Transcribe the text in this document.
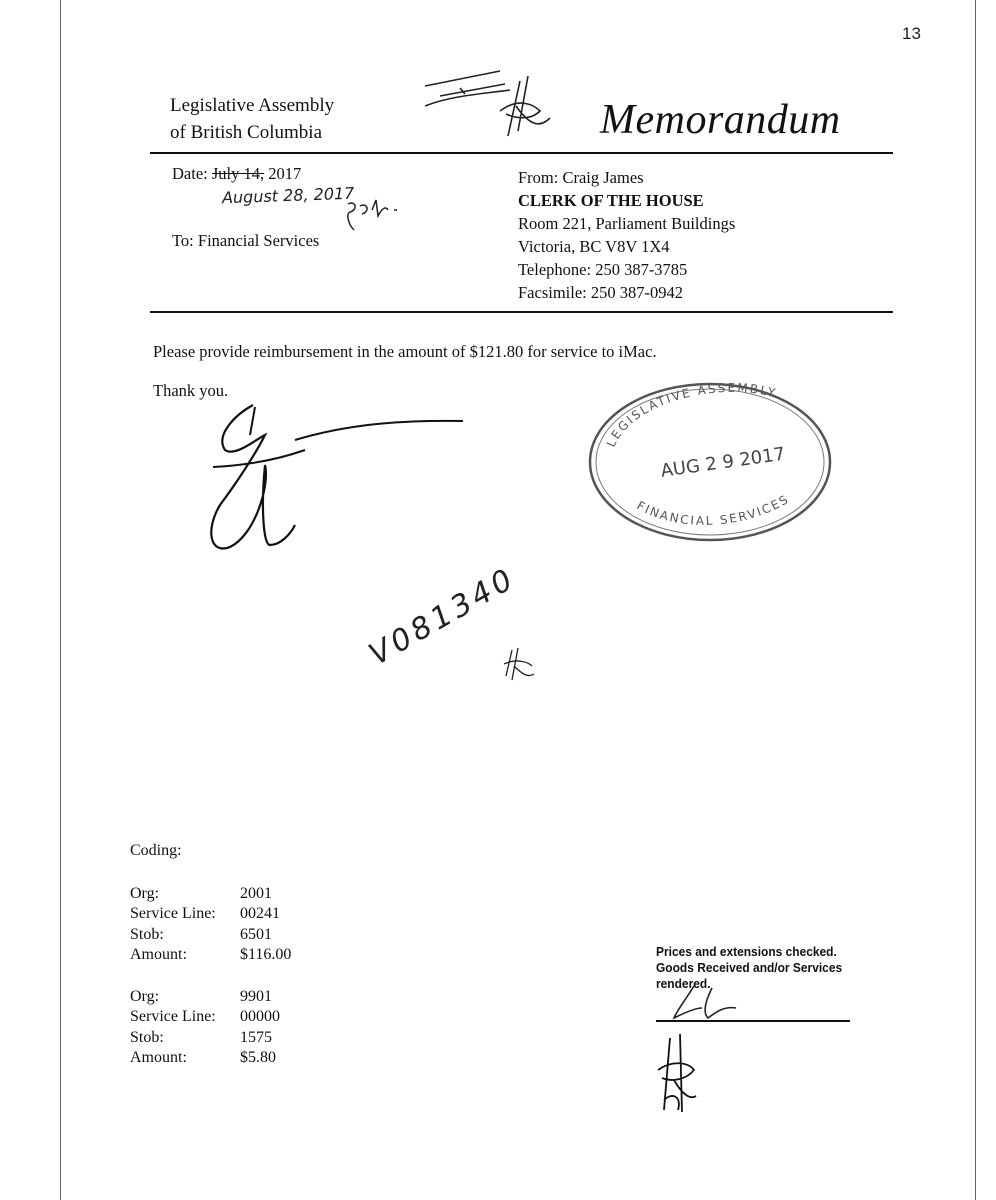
13
Legislative Assembly
of British Columbia	Memorandum
Date: July 14, 2017
August 28, 2017
To: Financial Services
From: Craig James
CLERK OF THE HOUSE
Room 221, Parliament Buildings
Victoria, BC V8V 1X4
Telephone: 250 387-3785
Facsimile: 250 387-0942
Please provide reimbursement in the amount of $121.80 for service to iMac.
Thank you.
LEGISLATIVE ASSEMBLY
AUG 2 9 2017
FINANCIAL SERVICES
V081340
Coding:
Org:	2001
Service Line:	00241
Stob:	6501
Amount:	$116.00
Org:	9901
Service Line:	00000
Stob:	1575
Amount:	$5.80
Prices and extensions checked.
Goods Received and/or Services
rendered.
